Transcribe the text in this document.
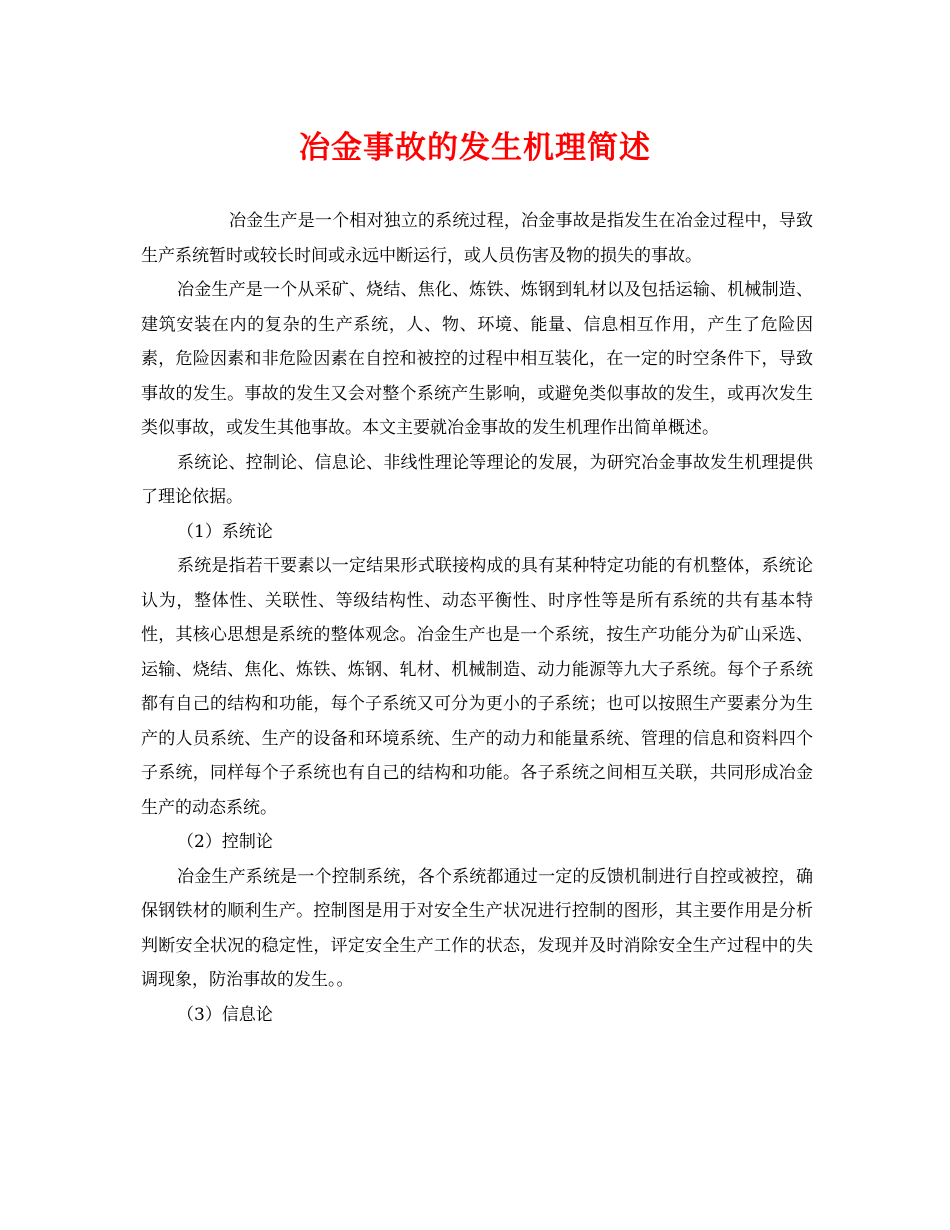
冶金事故的发生机理简述

冶金生产是一个相对独立的系统过程，冶金事故是指发生在冶金过程中，导致生产系统暂时或较长时间或永远中断运行，或人员伤害及物的损失的事故。

冶金生产是一个从采矿、烧结、焦化、炼铁、炼钢到轧材以及包括运输、机械制造、建筑安装在内的复杂的生产系统，人、物、环境、能量、信息相互作用，产生了危险因素，危险因素和非危险因素在自控和被控的过程中相互装化，在一定的时空条件下，导致事故的发生。事故的发生又会对整个系统产生影响，或避免类似事故的发生，或再次发生类似事故，或发生其他事故。本文主要就冶金事故的发生机理作出简单概述。

系统论、控制论、信息论、非线性理论等理论的发展，为研究冶金事故发生机理提供了理论依据。

（1）系统论

系统是指若干要素以一定结果形式联接构成的具有某种特定功能的有机整体，系统论认为，整体性、关联性、等级结构性、动态平衡性、时序性等是所有系统的共有基本特性，其核心思想是系统的整体观念。冶金生产也是一个系统，按生产功能分为矿山采选、运输、烧结、焦化、炼铁、炼钢、轧材、机械制造、动力能源等九大子系统。每个子系统都有自己的结构和功能，每个子系统又可分为更小的子系统；也可以按照生产要素分为生产的人员系统、生产的设备和环境系统、生产的动力和能量系统、管理的信息和资料四个子系统，同样每个子系统也有自己的结构和功能。各子系统之间相互关联，共同形成冶金生产的动态系统。

（2）控制论

冶金生产系统是一个控制系统，各个系统都通过一定的反馈机制进行自控或被控，确保钢铁材的顺利生产。控制图是用于对安全生产状况进行控制的图形，其主要作用是分析判断安全状况的稳定性，评定安全生产工作的状态，发现并及时消除安全生产过程中的失调现象，防治事故的发生。。

（3）信息论
